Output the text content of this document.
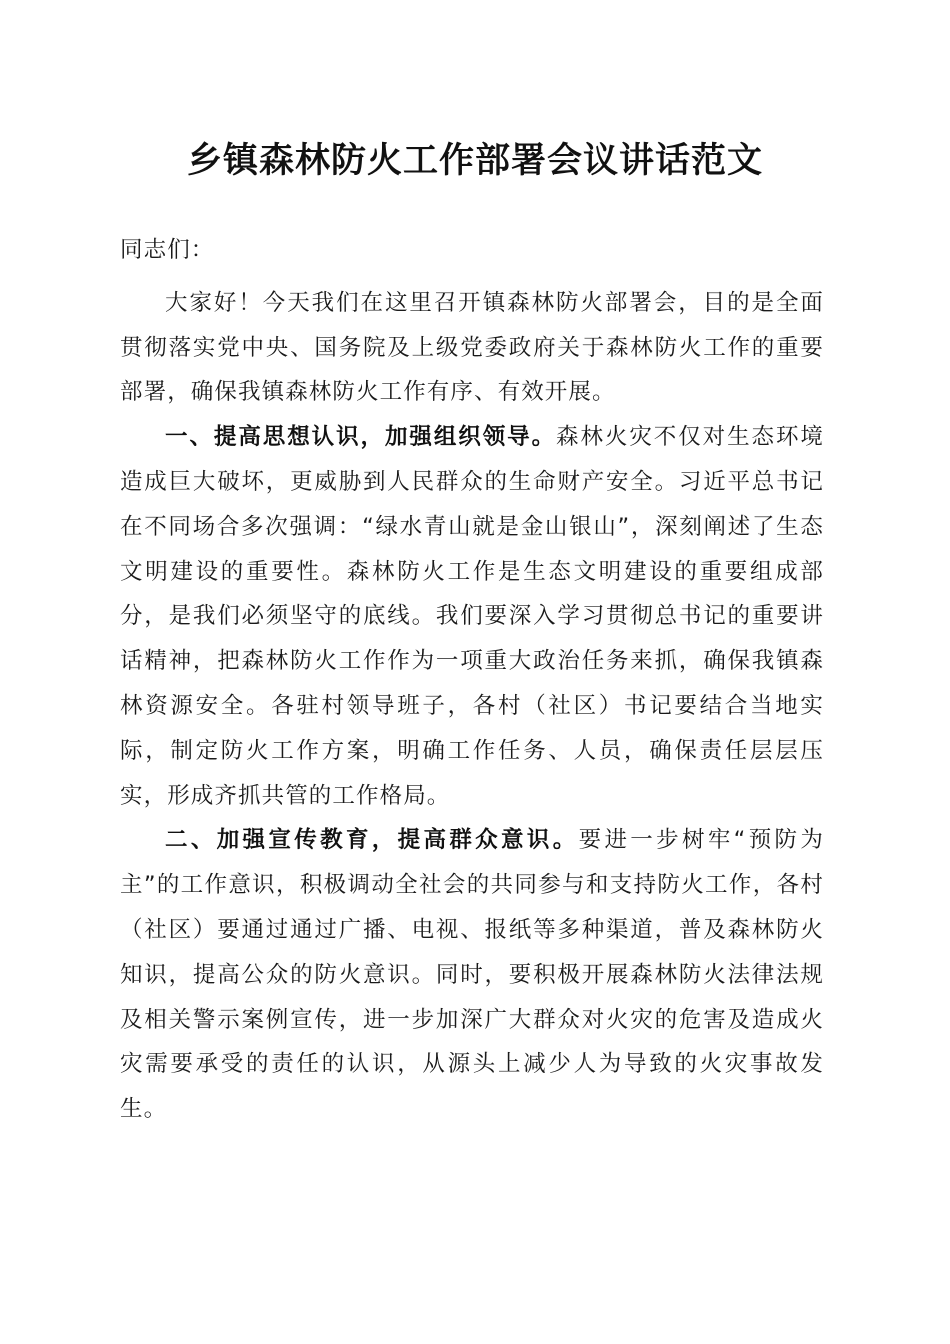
乡镇森林防火工作部署会议讲话范文

同志们：

大家好！今天我们在这里召开镇森林防火部署会，目的是全面贯彻落实党中央、国务院及上级党委政府关于森林防火工作的重要部署，确保我镇森林防火工作有序、有效开展。

一、提高思想认识，加强组织领导。森林火灾不仅对生态环境造成巨大破坏，更威胁到人民群众的生命财产安全。习近平总书记在不同场合多次强调：“绿水青山就是金山银山”，深刻阐述了生态文明建设的重要性。森林防火工作是生态文明建设的重要组成部分，是我们必须坚守的底线。我们要深入学习贯彻总书记的重要讲话精神，把森林防火工作作为一项重大政治任务来抓，确保我镇森林资源安全。各驻村领导班子，各村（社区）书记要结合当地实际，制定防火工作方案，明确工作任务、人员，确保责任层层压实，形成齐抓共管的工作格局。

二、加强宣传教育，提高群众意识。要进一步树牢“预防为主”的工作意识，积极调动全社会的共同参与和支持防火工作，各村（社区）要通过通过广播、电视、报纸等多种渠道，普及森林防火知识，提高公众的防火意识。同时，要积极开展森林防火法律法规及相关警示案例宣传，进一步加深广大群众对火灾的危害及造成火灾需要承受的责任的认识，从源头上减少人为导致的火灾事故发生。
